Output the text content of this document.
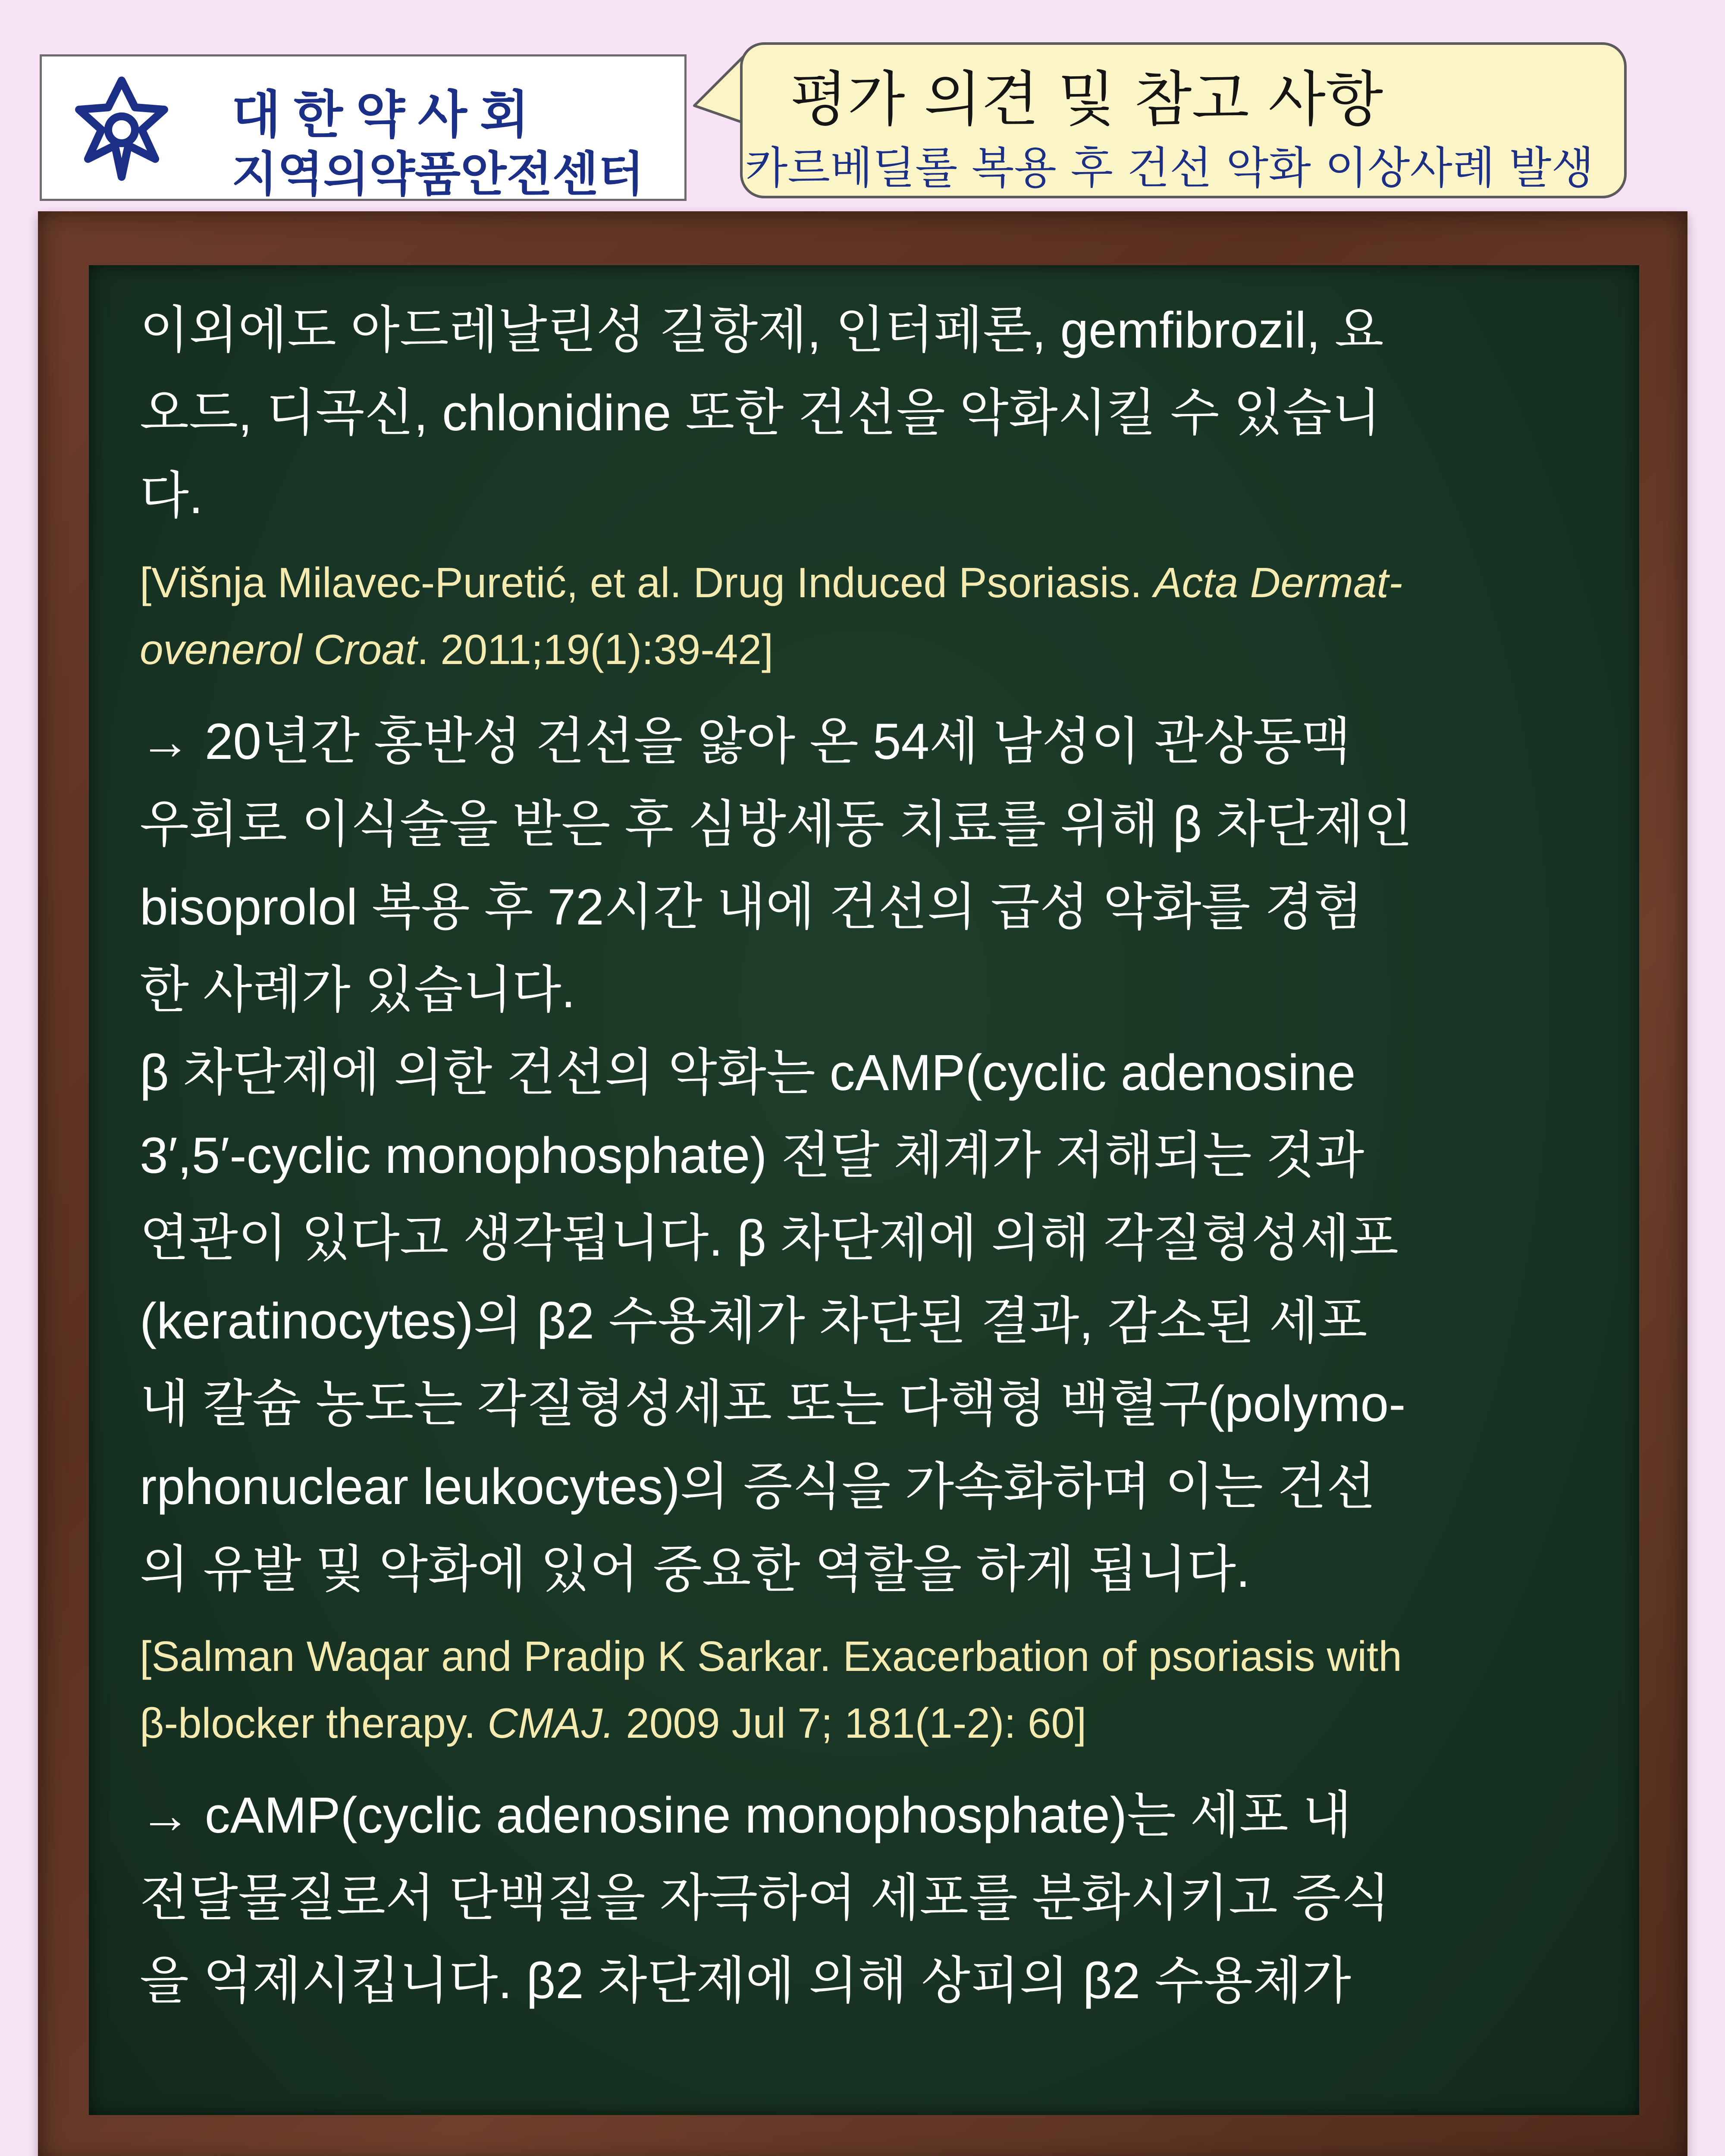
대한약사회
지역의약품안전센터
평가 의견 및 참고 사항
카르베딜롤 복용 후 건선 악화 이상사례 발생

이외에도 아드레날린성 길항제, 인터페론, gemfibrozil, 요
오드, 디곡신, chlonidine 또한 건선을 악화시킬 수 있습니
다.

[Višnja Milavec-Puretić, et al. Drug Induced Psoriasis. Acta Dermat-
ovenerol Croat. 2011;19(1):39-42]

→ 20년간 홍반성 건선을 앓아 온 54세 남성이 관상동맥
우회로 이식술을 받은 후 심방세동 치료를 위해 β 차단제인
bisoprolol 복용 후 72시간 내에 건선의 급성 악화를 경험
한 사례가 있습니다.

β 차단제에 의한 건선의 악화는 cAMP(cyclic adenosine
3′,5′-cyclic monophosphate) 전달 체계가 저해되는 것과
연관이 있다고 생각됩니다. β 차단제에 의해 각질형성세포
(keratinocytes)의 β2 수용체가 차단된 결과, 감소된 세포
내 칼슘 농도는 각질형성세포 또는 다핵형 백혈구(polymo-
rphonuclear leukocytes)의 증식을 가속화하며 이는 건선
의 유발 및 악화에 있어 중요한 역할을 하게 됩니다.

[Salman Waqar and Pradip K Sarkar. Exacerbation of psoriasis with
β-blocker therapy. CMAJ. 2009 Jul 7; 181(1-2): 60]

→ cAMP(cyclic adenosine monophosphate)는 세포 내
전달물질로서 단백질을 자극하여 세포를 분화시키고 증식
을 억제시킵니다. β2 차단제에 의해 상피의 β2 수용체가
